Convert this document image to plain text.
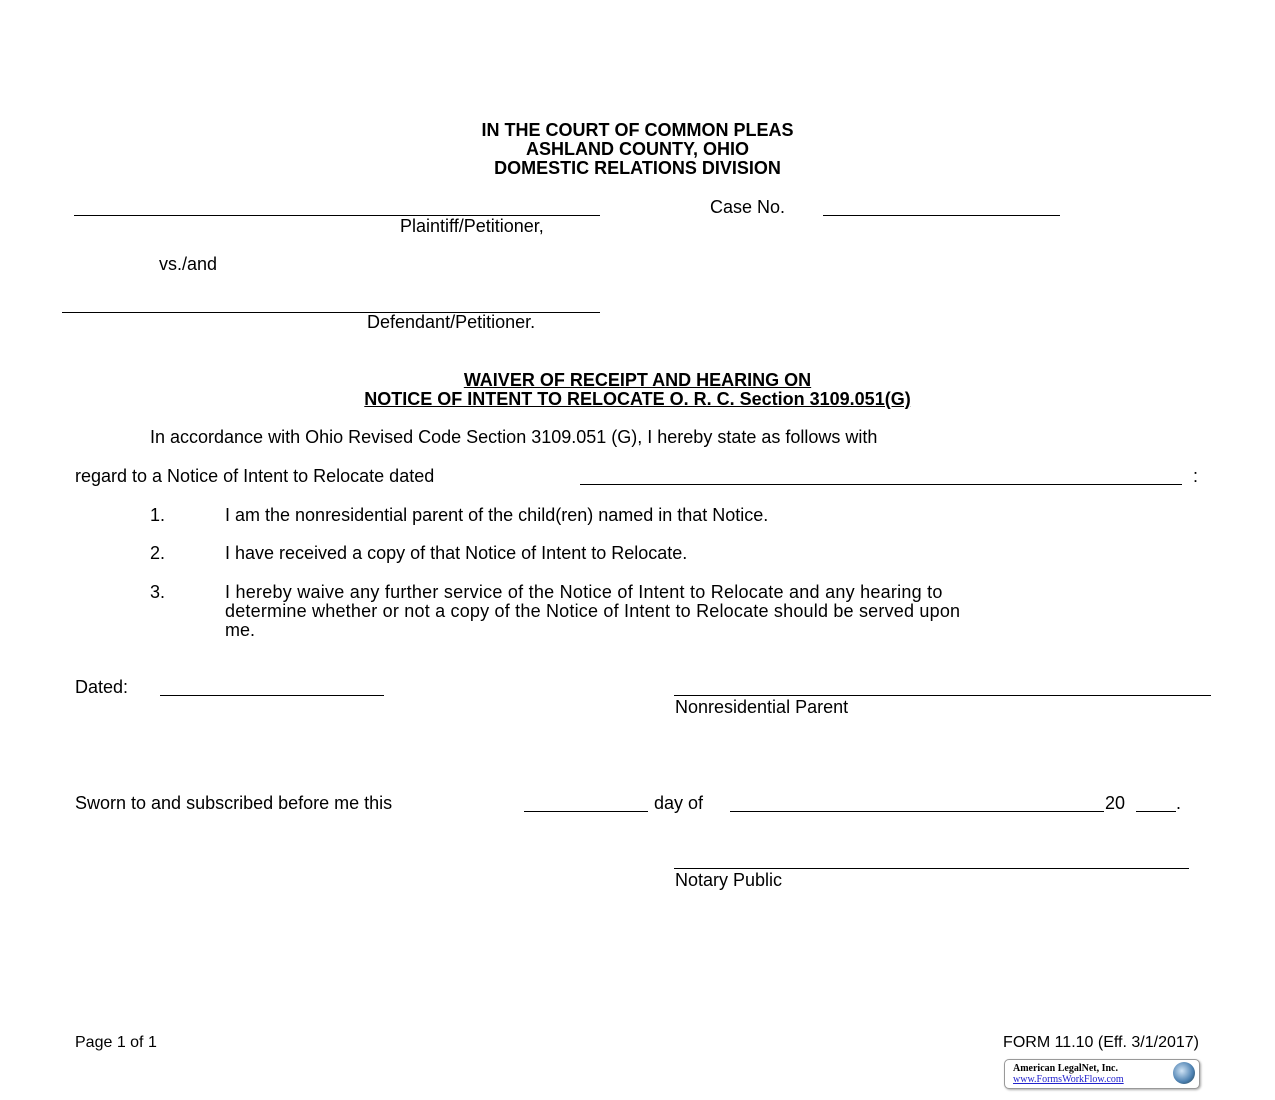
IN THE COURT OF COMMON PLEAS
ASHLAND COUNTY, OHIO
DOMESTIC RELATIONS DIVISION
Case No.
Plaintiff/Petitioner,
vs./and
Defendant/Petitioner.
WAIVER OF RECEIPT AND HEARING ON
NOTICE OF INTENT TO RELOCATE O. R. C. Section 3109.051(G)
In accordance with Ohio Revised Code Section 3109.051 (G), I hereby state as follows with
regard to a Notice of Intent to Relocate dated	:
1.	I am the nonresidential parent of the child(ren) named in that Notice.
2.	I have received a copy of that Notice of Intent to Relocate.
3.	I hereby waive any further service of the Notice of Intent to Relocate and any hearing to
determine whether or not a copy of the Notice of Intent to Relocate should be served upon
me.
Dated:
Nonresidential Parent
Sworn to and subscribed before me this	day of	20	.
Notary Public
Page 1 of 1	FORM 11.10 (Eff. 3/1/2017)
American LegalNet, Inc.
www.FormsWorkFlow.com
